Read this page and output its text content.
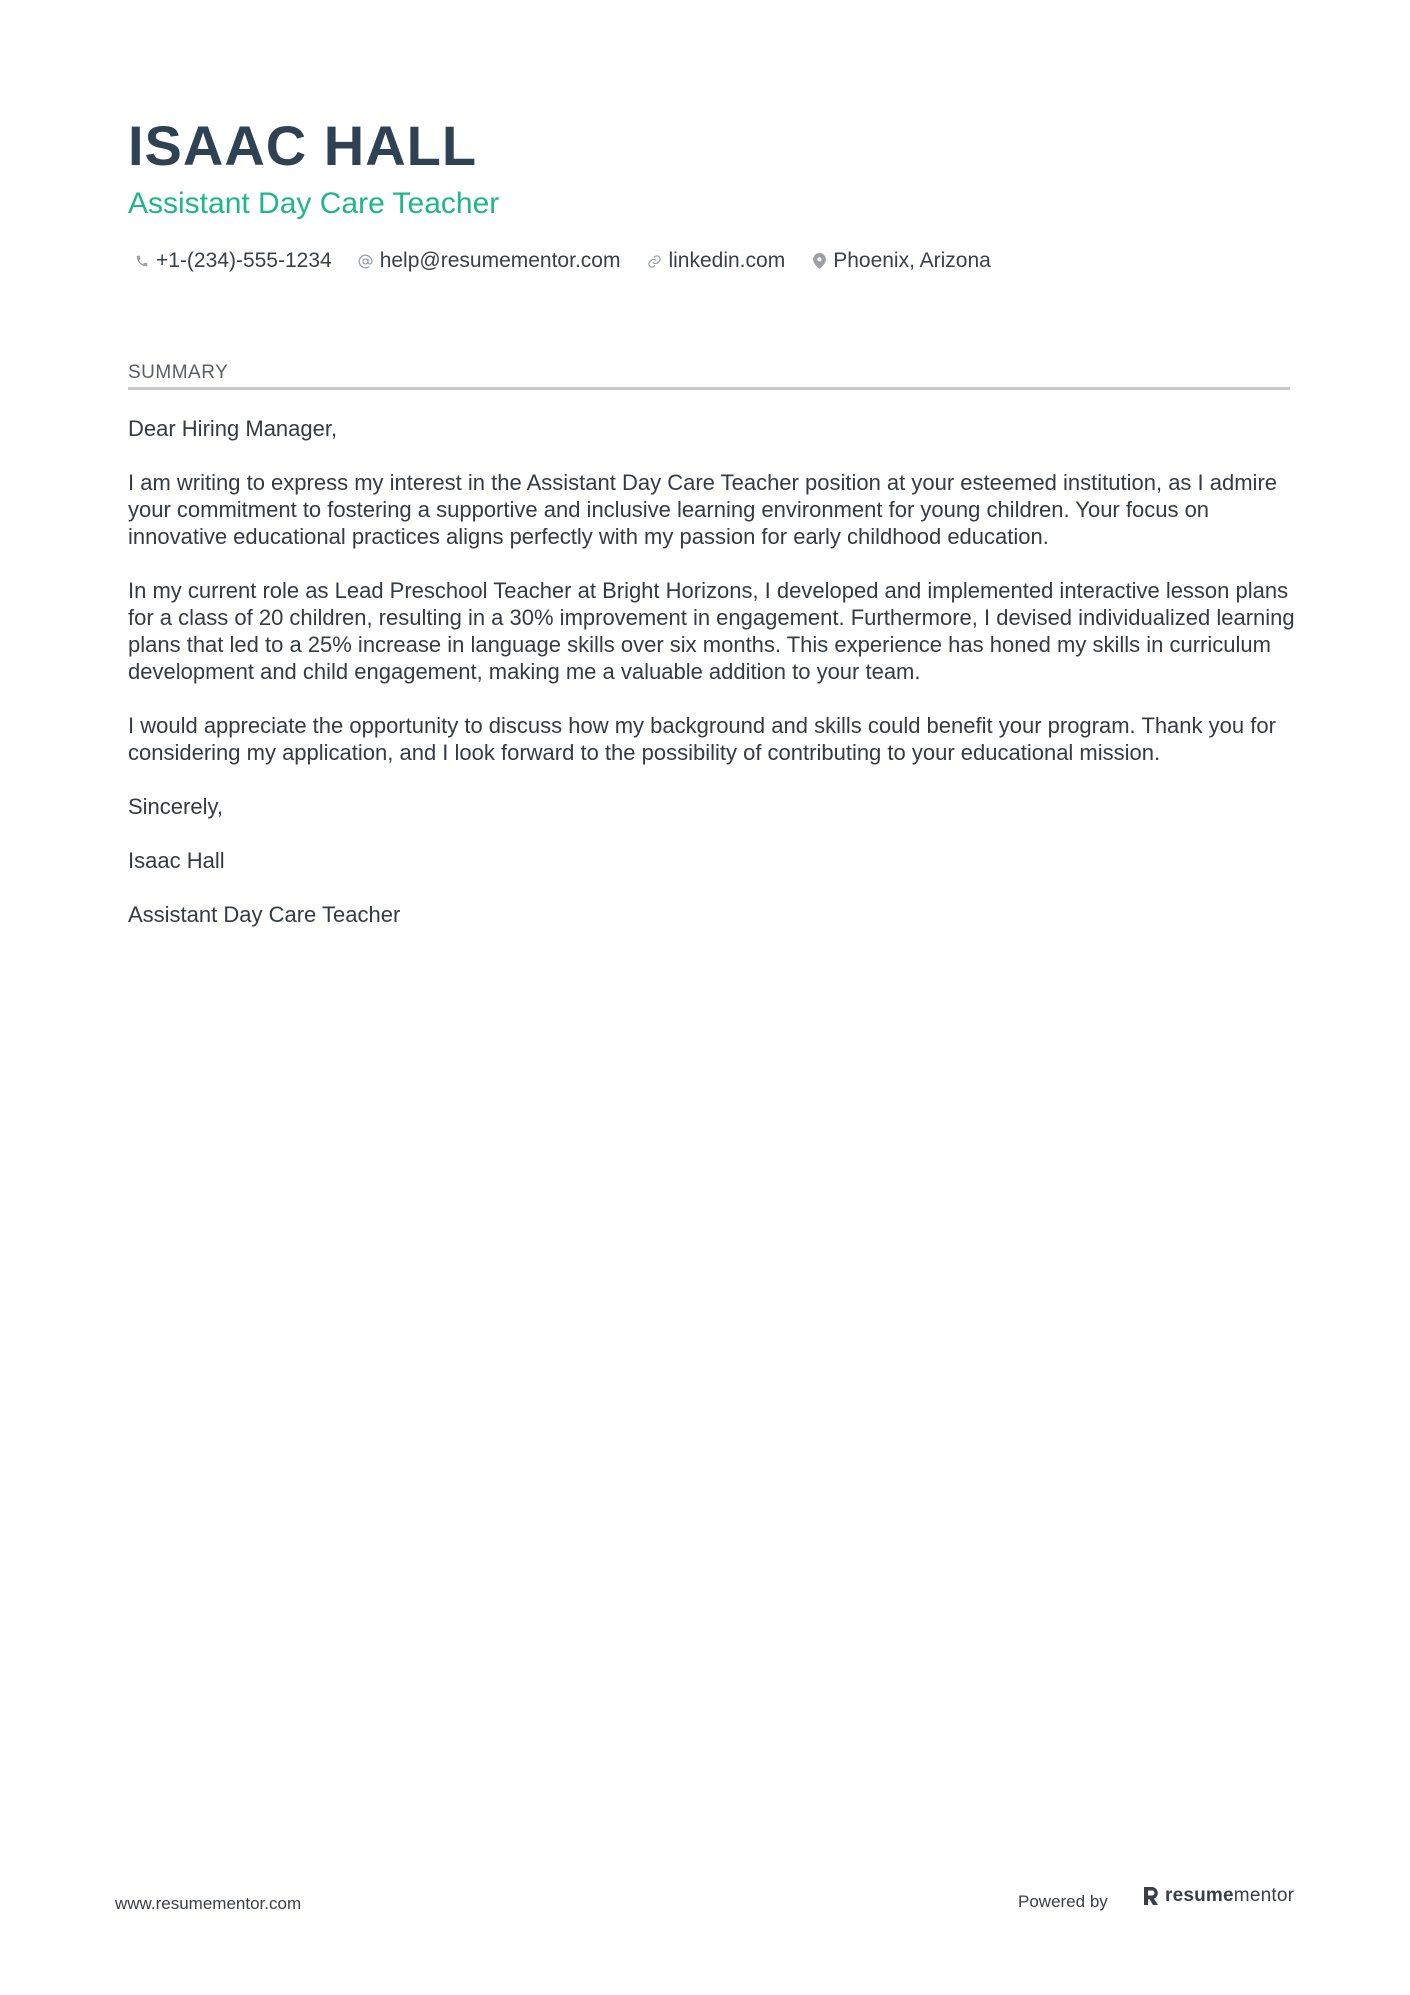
ISAAC HALL
Assistant Day Care Teacher
+1-(234)-555-1234 help@resumementor.com linkedin.com Phoenix, Arizona
SUMMARY

Dear Hiring Manager,

I am writing to express my interest in the Assistant Day Care Teacher position at your esteemed institution, as I admire your commitment to fostering a supportive and inclusive learning environment for young children. Your focus on innovative educational practices aligns perfectly with my passion for early childhood education.

In my current role as Lead Preschool Teacher at Bright Horizons, I developed and implemented interactive lesson plans for a class of 20 children, resulting in a 30% improvement in engagement. Furthermore, I devised individualized learning plans that led to a 25% increase in language skills over six months. This experience has honed my skills in curriculum development and child engagement, making me a valuable addition to your team.

I would appreciate the opportunity to discuss how my background and skills could benefit your program. Thank you for considering my application, and I look forward to the possibility of contributing to your educational mission.

Sincerely,

Isaac Hall

Assistant Day Care Teacher

www.resumementor.com	Powered by	resumementor
